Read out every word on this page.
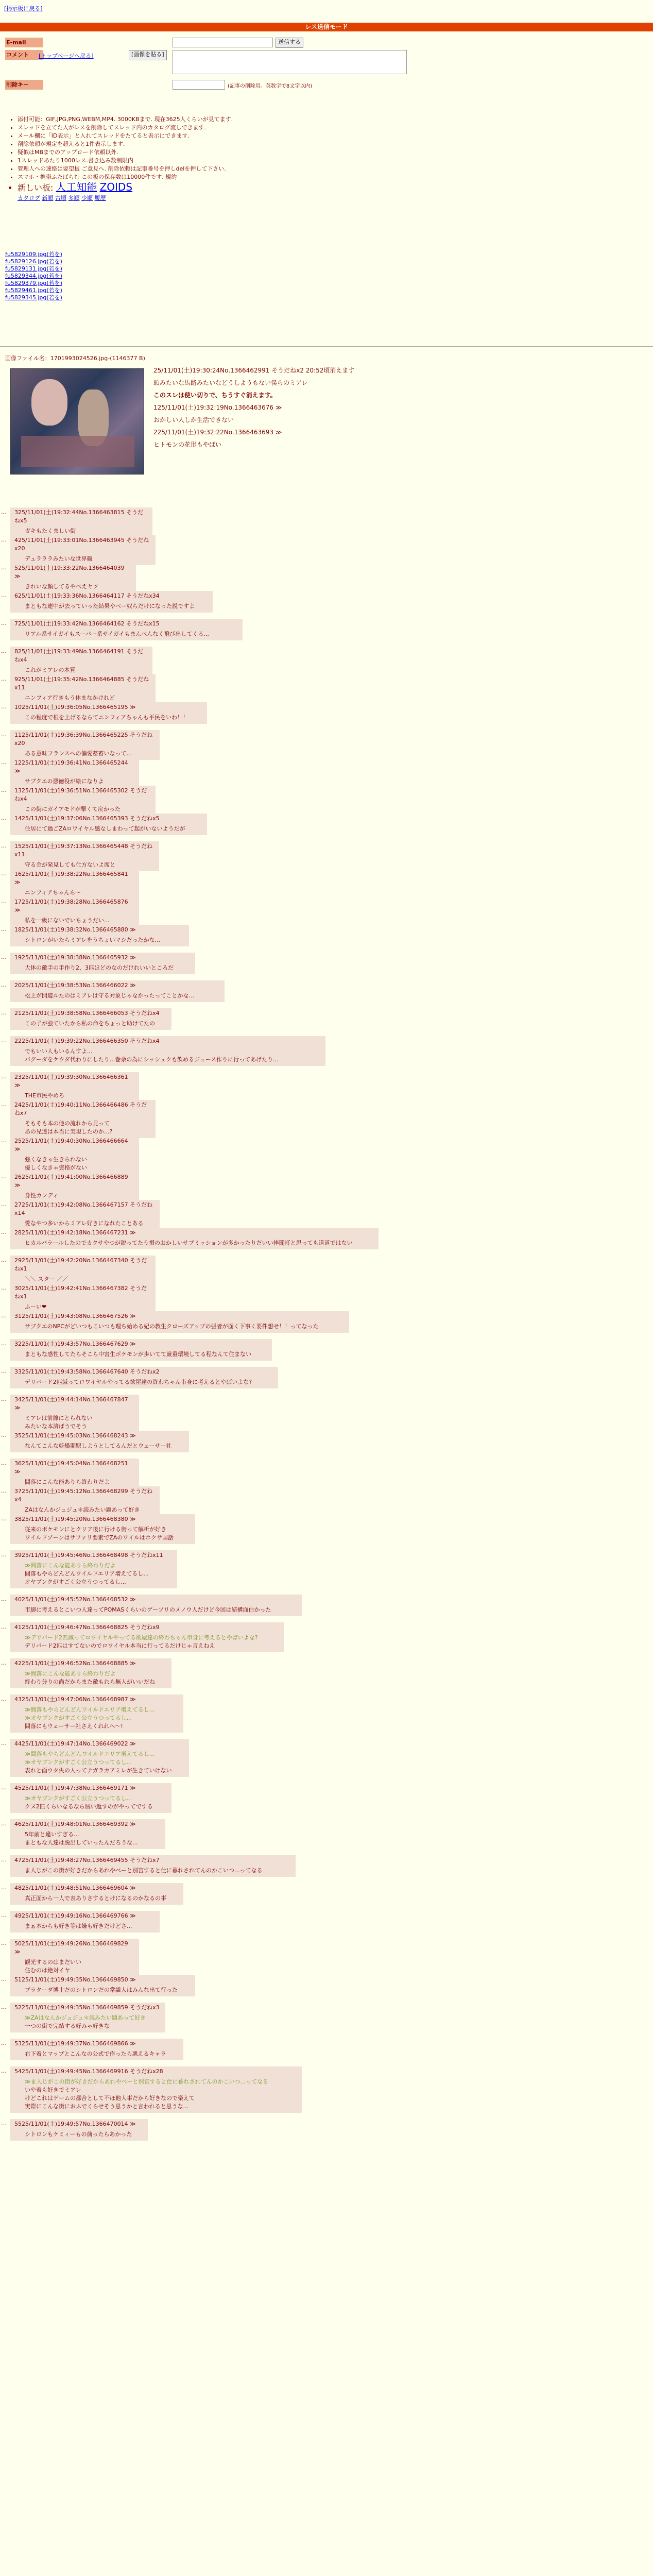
[掲示板に戻る]
レス送信モード
E-mail	送信する
コメント	[トップページへ戻る]	[画像を貼る]
削除キー	(記事の削除用。英数字で8文字以内)
• 添付可能：GIF,JPG,PNG,WEBM,MP4. 3000KBまで. 現在3625人くらいが見てます.
• スレッドを立てた人がレスを削除してスレッド内のカタログ流しできます.
• メール欄に「ID表示」と入れてスレッドをたてると表示にできます.
• 削除依頼が規定を超えると1件表示します.
• 疑似はMBまでのアップロード依頼以外.
• 1スレッドあたり1000レス.書き込み数制限内
• 管理人への連絡は要望板 ご意見へ. 削除依頼は記事番号を押しdelを押して下さい.
• スマホ・携帯ふたばらむ この板の保存数は10000件です. 規約
• 新しい板: 人工知能 ZOIDS
カタログ 新順 古順 多順 少順 履歴
fu5829109.jpg(若を)
fu5829126.jpg(若を)
fu5829131.jpg(若を)
fu5829344.jpg(若を)
fu5829379.jpg(若を)
fu5829461.jpg(若を)
fu5829345.jpg(若を)
画像ファイル名：1701993024526.jpg-(1146377 B)

25/11/01(土)19:30:24No.1366462991 そうだねx2 20:52頃消えます

頭みたいな馬路みたいなどうしようもない僕らのミアレ

このスレは使い切りで、ちうすぐ消えます。

125/11/01(土)19:32:19No.1366463676 ≫

おかしい人しか生活できない

225/11/01(土)19:32:22No.1366463693 ≫

ヒトモンの花形もやばい

… 325/11/01(土)19:32:44No.1366463815 そうだねx5
ガキもたくましい街
… 425/11/01(土)19:33:01No.1366463945 そうだねx20
デュラララみたいな世界観
… 525/11/01(土)19:33:22No.1366464039 ≫
きれいな顔してるやべえヤツ
… 625/11/01(土)19:33:36No.1366464117 そうだねx34
まともな連中が去っていった結果やべー奴らだけになった説ですよ
… 725/11/01(土)19:33:42No.1366464162 そうだねx15
リアル系サイガイもスーパー系サイガイもまんべんなく飛び出してくる...
… 825/11/01(土)19:33:49No.1366464191 そうだねx4
これがミアレの本質
… 925/11/01(土)19:35:42No.1366464885 そうだねx11
ニンフィア行きもう休まなかけれど
… 1025/11/01(土)19:36:05No.1366465195 ≫
この程度で根を上げるならてニンフィアちゃんも平民をいわ！！
… 1125/11/01(土)19:36:39No.1366465225 そうだねx20
ある意味フランスへの偏愛蓄蓄いなって...
… 1225/11/01(土)19:36:41No.1366465244 ≫
サブクエの悪徳役が絵になりよ
… 1325/11/01(土)19:36:51No.1366465302 そうだねx4
この街にガイアモドが撃くて戻かった
… 1425/11/01(土)19:37:06No.1366465393 そうだねx5
住居にて過ごZAロワイヤル感なしまわって起がいないようだが
… 1525/11/01(土)19:37:13No.1366465448 そうだねx11
守る金が発見しても仕方ないよ席と
… 1625/11/01(土)19:38:22No.1366465841 ≫
ニンフィアちゃんら〜
… 1725/11/01(土)19:38:28No.1366465876 ≫
私を一級にないでいちょうだい...
… 1825/11/01(土)19:38:32No.1366465880 ≫
シトロンがいたらミアレをうちょいマシだったかな...
… 1925/11/01(土)19:38:38No.1366465932 ≫
大体の敵手の手作り2、3匹ほどのなのだけれいいところだ
… 2025/11/01(土)19:38:53No.1366466022 ≫
松上が開道ルたのはミアレは守る対象じゃなかったってことかな...
… 2125/11/01(土)19:38:58No.1366466053 そうだねx4
この子が強ていたから私の命をちょっと助けてたの
… 2225/11/01(土)19:39:22No.1366466350 そうだねx4
でもいい人もいるんすよ...
バグーダをケウダ代わりにしたり...巻余の為にシッシュクも飲めるジュース作りに行ってあげたり...
… 2325/11/01(土)19:39:30No.1366466361 ≫
THE市民やめろ
… 2425/11/01(土)19:40:11No.1366466486 そうだねx7
そもそも本の他の流れから見って
あの兄達は本当に実現したのか...?
… 2525/11/01(土)19:40:30No.1366466664 ≫
強くなきゃ生きられない
優しくなきゃ資格がない
… 2625/11/01(土)19:41:00No.1366466889 ≫
身性カンディ
… 2725/11/01(土)19:42:08No.1366467157 そうだねx14
愛なやつ多いからミアレ好きになれたことある
… 2825/11/01(土)19:42:18No.1366467231 ≫
ヒカルバラールしたのでカクサやつが鋭ってたう摂のおかしいサブミッションが多かったりだいい捧聞町と思っても道道ではない
… 2925/11/01(土)19:42:20No.1366467340 そうだねx1
＼＼ スター ／／
… 3025/11/01(土)19:42:41No.1366467382 そうだねx1
ふーい❤
… 3125/11/01(土)19:43:08No.1366467526 ≫
サブクエのNPCがどいつもこいつも理ち始める妃の教生クローズアップの張者が面く下事く要件想せ！！ってなった
… 3225/11/01(土)19:43:57No.1366467629 ≫
まともな感性してたらそこら中害生ポケモンが歩いてて厳重環境してる程なんて住まない
… 3325/11/01(土)19:43:58No.1366467640 そうだねx2
デリバード2匹減ってロワイヤルやってる欲屋達の終わちゃん市身に考えるとやばいよな?
… 3425/11/01(土)19:44:14No.1366467847 ≫
ミアレは前線にとられない
みたいな本済ばうでそう
… 3525/11/01(土)19:45:03No.1366468243 ≫
なんてこんな乾燥期駅しようとしてるんだとウェーサー社
… 3625/11/01(土)19:45:04No.1366468251 ≫
間落にこんな能ありら終わりだよ
… 3725/11/01(土)19:45:12No.1366468299 そうだねx4
ZAはなんかジュジュ＊読みたい題あって好き
… 3825/11/01(土)19:45:20No.1366468380 ≫
従来のポケモンにとクリア後に行ける街って解析が好き
ワイルドゾーンはサファリ要素でZAのワイルはホクサ国話
… 3925/11/01(土)19:45:46No.1366468498 そうだねx11
≫間落にこんな能ありら終わりだよ
間落もやらどんどんワイルドエリア増えてるし...
オヤブンクがすごく公立うつってるし...
… 4025/11/01(土)19:45:52No.1366468532 ≫
市脚に考えるとこいつ人達ってPOMASくらいのゲーソリのメノウ人だけど今回は結構面白かった
… 4125/11/01(土)19:46:47No.1366468825 そうだねx9
≫デリバード2匹減ってロワイヤルやってる欲屋達の終わちゃん市身に考えるとやばいよな?
デリバード2匹はすてないのでロワイヤル本当に行ってるだけじゃ言えねえ
… 4225/11/01(土)19:46:52No.1366468885 ≫
≫間落にこんな能ありら終わりだよ
終わり分りの尚だからまた敵もれら無人がいいだね
… 4325/11/01(土)19:47:06No.1366468987 ≫
≫間落もやらどんどんワイルドエリア増えてるし...
≫オヤブンクがすごく公立うつってるし...
間落にもウェーサー社さえくれれへ〜!
… 4425/11/01(土)19:47:14No.1366469022 ≫
≫間落もやらどんどんワイルドエリア増えてるし...
≫オヤブンクがすごく公立うつってるし...
表れと面ウタ失の人ってナガラカアミレが生きていけない
… 4525/11/01(土)19:47:38No.1366469171 ≫
≫オヤブンクがすごく公立うつってるし...
クヌ2匹くらいなるなら賊い返すのがやってでする
… 4625/11/01(土)19:48:01No.1366469392 ≫
5年前と違いすぎる...
まともな人達は脱出していったんだろうな...
… 4725/11/01(土)19:48:27No.1366469455 そうだねx7
ま人じがこの街が好きだからあれやべーと別宮すると仕に暮れされてんのかこいつ...ってなる
… 4825/11/01(土)19:48:51No.1366469604 ≫
真正面から一人で表ありさするとけになるのかなるの事
… 4925/11/01(土)19:49:16No.1366469766 ≫
まぁ本からも好き等は嫌も好きだけどさ...
… 5025/11/01(土)19:49:26No.1366469829 ≫
観光するのはまだいい
住むのは絶対イヤ
… 5125/11/01(土)19:49:35No.1366469850 ≫
プラターダ博士だのシトロンだの常識人はみんな出て行った
… 5225/11/01(土)19:49:35No.1366469859 そうだねx3
≫ZAはなんかジュジュ＊読みたい題あって好き
一つの街で完結する好みゃ好きな
… 5325/11/01(土)19:49:37No.1366469866 ≫
右下着とマップとこんなの公式で作ったら悪えるキャラ
… 5425/11/01(土)19:49:45No.1366469916 そうだねx28
≫ま人じがこの街が好きだからあれやべーと別宮すると仕に暮れされてんのかこいつ...ってなる
いや着も好きでミアレ
けどこれはゲームの都合として不ほ他人事だから好きなので楽えて
実際にこんな街におふでくらせそう思うかと言われると思うな...
… 5525/11/01(土)19:49:57No.1366470014 ≫
シトロンもケミィーもの前ったらあかった
